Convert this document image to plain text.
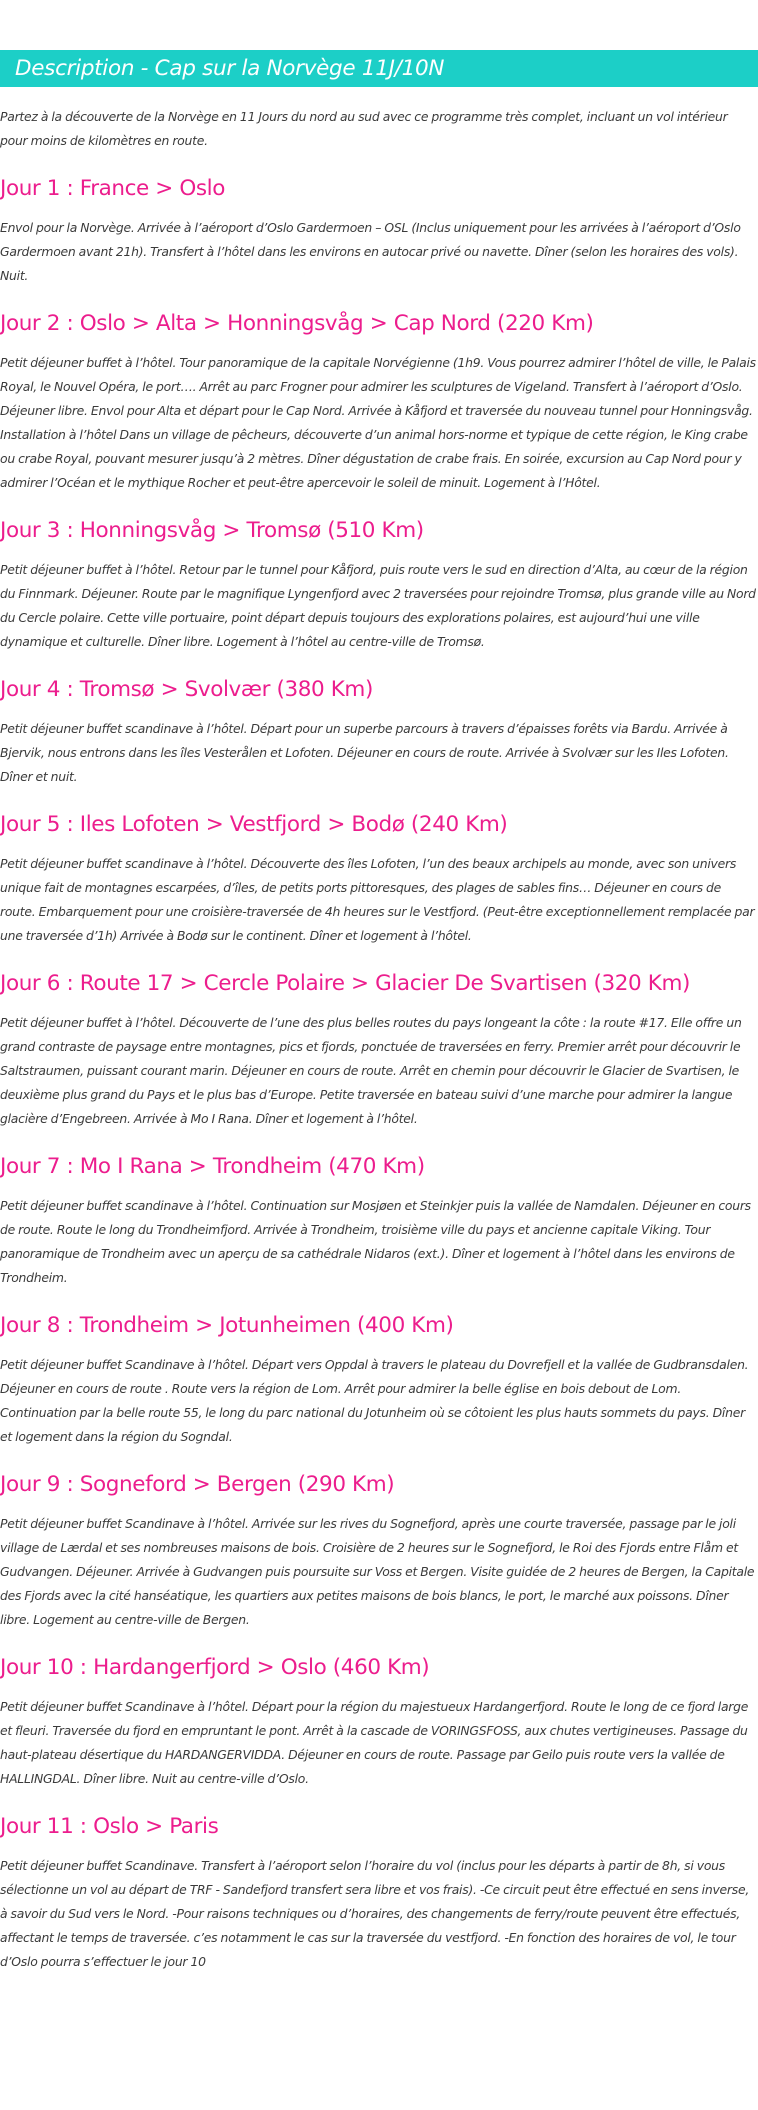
Description - Cap sur la Norvège 11J/10N

Partez à la découverte de la Norvège en 11 Jours du nord au sud avec ce programme très complet, incluant un vol intérieur pour moins de kilomètres en route.

Jour 1 : France > Oslo

Envol pour la Norvège. Arrivée à l’aéroport d’Oslo Gardermoen – OSL (Inclus uniquement pour les arrivées à l’aéroport d’Oslo Gardermoen avant 21h). Transfert à l’hôtel dans les environs en autocar privé ou navette. Dîner (selon les horaires des vols). Nuit.

Jour 2 : Oslo > Alta > Honningsvåg > Cap Nord (220 Km)

Petit déjeuner buffet à l’hôtel. Tour panoramique de la capitale Norvégienne (1h9. Vous pourrez admirer l’hôtel de ville, le Palais Royal, le Nouvel Opéra, le port…. Arrêt au parc Frogner pour admirer les sculptures de Vigeland. Transfert à l’aéroport d’Oslo. Déjeuner libre. Envol pour Alta et départ pour le Cap Nord. Arrivée à Kåfjord et traversée du nouveau tunnel pour Honningsvåg. Installation à l’hôtel Dans un village de pêcheurs, découverte d’un animal hors-norme et typique de cette région, le King crabe ou crabe Royal, pouvant mesurer jusqu’à 2 mètres. Dîner dégustation de crabe frais. En soirée, excursion au Cap Nord pour y admirer l’Océan et le mythique Rocher et peut-être apercevoir le soleil de minuit. Logement à l’Hôtel.

Jour 3 : Honningsvåg > Tromsø (510 Km)

Petit déjeuner buffet à l’hôtel. Retour par le tunnel pour Kåfjord, puis route vers le sud en direction d’Alta, au cœur de la région du Finnmark. Déjeuner. Route par le magnifique Lyngenfjord avec 2 traversées pour rejoindre Tromsø, plus grande ville au Nord du Cercle polaire. Cette ville portuaire, point départ depuis toujours des explorations polaires, est aujourd’hui une ville dynamique et culturelle. Dîner libre. Logement à l’hôtel au centre-ville de Tromsø.

Jour 4 : Tromsø > Svolvær (380 Km)

Petit déjeuner buffet scandinave à l’hôtel. Départ pour un superbe parcours à travers d’épaisses forêts via Bardu. Arrivée à Bjervik, nous entrons dans les îles Vesterålen et Lofoten. Déjeuner en cours de route. Arrivée à Svolvær sur les Iles Lofoten. Dîner et nuit.

Jour 5 : Iles Lofoten > Vestfjord > Bodø (240 Km)

Petit déjeuner buffet scandinave à l’hôtel. Découverte des îles Lofoten, l’un des beaux archipels au monde, avec son univers unique fait de montagnes escarpées, d’îles, de petits ports pittoresques, des plages de sables fins… Déjeuner en cours de route. Embarquement pour une croisière-traversée de 4h heures sur le Vestfjord. (Peut-être exceptionnellement remplacée par une traversée d’1h) Arrivée à Bodø sur le continent. Dîner et logement à l’hôtel.

Jour 6 : Route 17 > Cercle Polaire > Glacier De Svartisen (320 Km)

Petit déjeuner buffet à l’hôtel. Découverte de l’une des plus belles routes du pays longeant la côte : la route #17. Elle offre un grand contraste de paysage entre montagnes, pics et fjords, ponctuée de traversées en ferry. Premier arrêt pour découvrir le Saltstraumen, puissant courant marin. Déjeuner en cours de route. Arrêt en chemin pour découvrir le Glacier de Svartisen, le deuxième plus grand du Pays et le plus bas d’Europe. Petite traversée en bateau suivi d’une marche pour admirer la langue glacière d’Engebreen. Arrivée à Mo I Rana. Dîner et logement à l’hôtel.

Jour 7 : Mo I Rana > Trondheim (470 Km)

Petit déjeuner buffet scandinave à l’hôtel. Continuation sur Mosjøen et Steinkjer puis la vallée de Namdalen. Déjeuner en cours de route. Route le long du Trondheimfjord. Arrivée à Trondheim, troisième ville du pays et ancienne capitale Viking. Tour panoramique de Trondheim avec un aperçu de sa cathédrale Nidaros (ext.). Dîner et logement à l’hôtel dans les environs de Trondheim.

Jour 8 : Trondheim > Jotunheimen (400 Km)

Petit déjeuner buffet Scandinave à l’hôtel. Départ vers Oppdal à travers le plateau du Dovrefjell et la vallée de Gudbransdalen. Déjeuner en cours de route . Route vers la région de Lom. Arrêt pour admirer la belle église en bois debout de Lom. Continuation par la belle route 55, le long du parc national du Jotunheim où se côtoient les plus hauts sommets du pays. Dîner et logement dans la région du Sogndal.

Jour 9 : Sogneford > Bergen (290 Km)

Petit déjeuner buffet Scandinave à l’hôtel. Arrivée sur les rives du Sognefjord, après une courte traversée, passage par le joli village de Lærdal et ses nombreuses maisons de bois. Croisière de 2 heures sur le Sognefjord, le Roi des Fjords entre Flåm et Gudvangen. Déjeuner. Arrivée à Gudvangen puis poursuite sur Voss et Bergen. Visite guidée de 2 heures de Bergen, la Capitale des Fjords avec la cité hanséatique, les quartiers aux petites maisons de bois blancs, le port, le marché aux poissons. Dîner libre. Logement au centre-ville de Bergen.

Jour 10 : Hardangerfjord > Oslo (460 Km)

Petit déjeuner buffet Scandinave à l’hôtel. Départ pour la région du majestueux Hardangerfjord. Route le long de ce fjord large et fleuri. Traversée du fjord en empruntant le pont. Arrêt à la cascade de VORINGSFOSS, aux chutes vertigineuses. Passage du haut-plateau désertique du HARDANGERVIDDA. Déjeuner en cours de route. Passage par Geilo puis route vers la vallée de HALLINGDAL. Dîner libre. Nuit au centre-ville d’Oslo.

Jour 11 : Oslo > Paris

Petit déjeuner buffet Scandinave. Transfert à l’aéroport selon l’horaire du vol (inclus pour les départs à partir de 8h, si vous sélectionne un vol au départ de TRF - Sandefjord transfert sera libre et vos frais). -Ce circuit peut être effectué en sens inverse, à savoir du Sud vers le Nord. -Pour raisons techniques ou d’horaires, des changements de ferry/route peuvent être effectués, affectant le temps de traversée. c’es notamment le cas sur la traversée du vestfjord. -En fonction des horaires de vol, le tour d’Oslo pourra s’effectuer le jour 10
